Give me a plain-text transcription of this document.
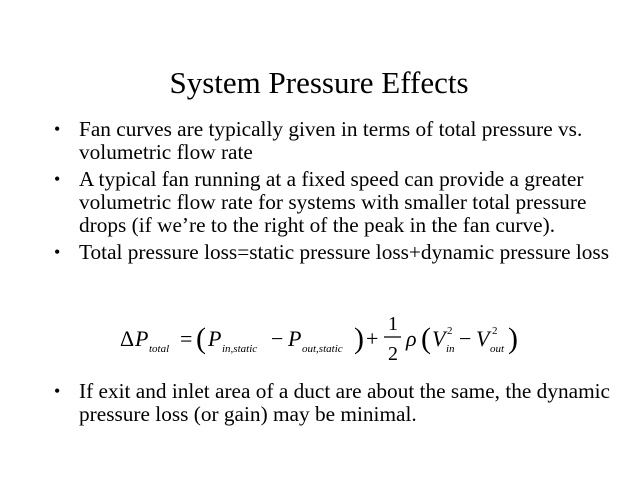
System Pressure Effects
• Fan curves are typically given in terms of total pressure vs. volumetric flow rate
• A typical fan running at a fixed speed can provide a greater volumetric flow rate for systems with smaller total pressure drops (if we’re to the right of the peak in the fan curve).
• Total pressure loss=static pressure loss+dynamic pressure loss
Δ P total = ( P in,static − P out,static ) +
1
2
ρ ( V 2
in − V 2
out )
• If exit and inlet area of a duct are about the same, the dynamic pressure loss (or gain) may be minimal.
